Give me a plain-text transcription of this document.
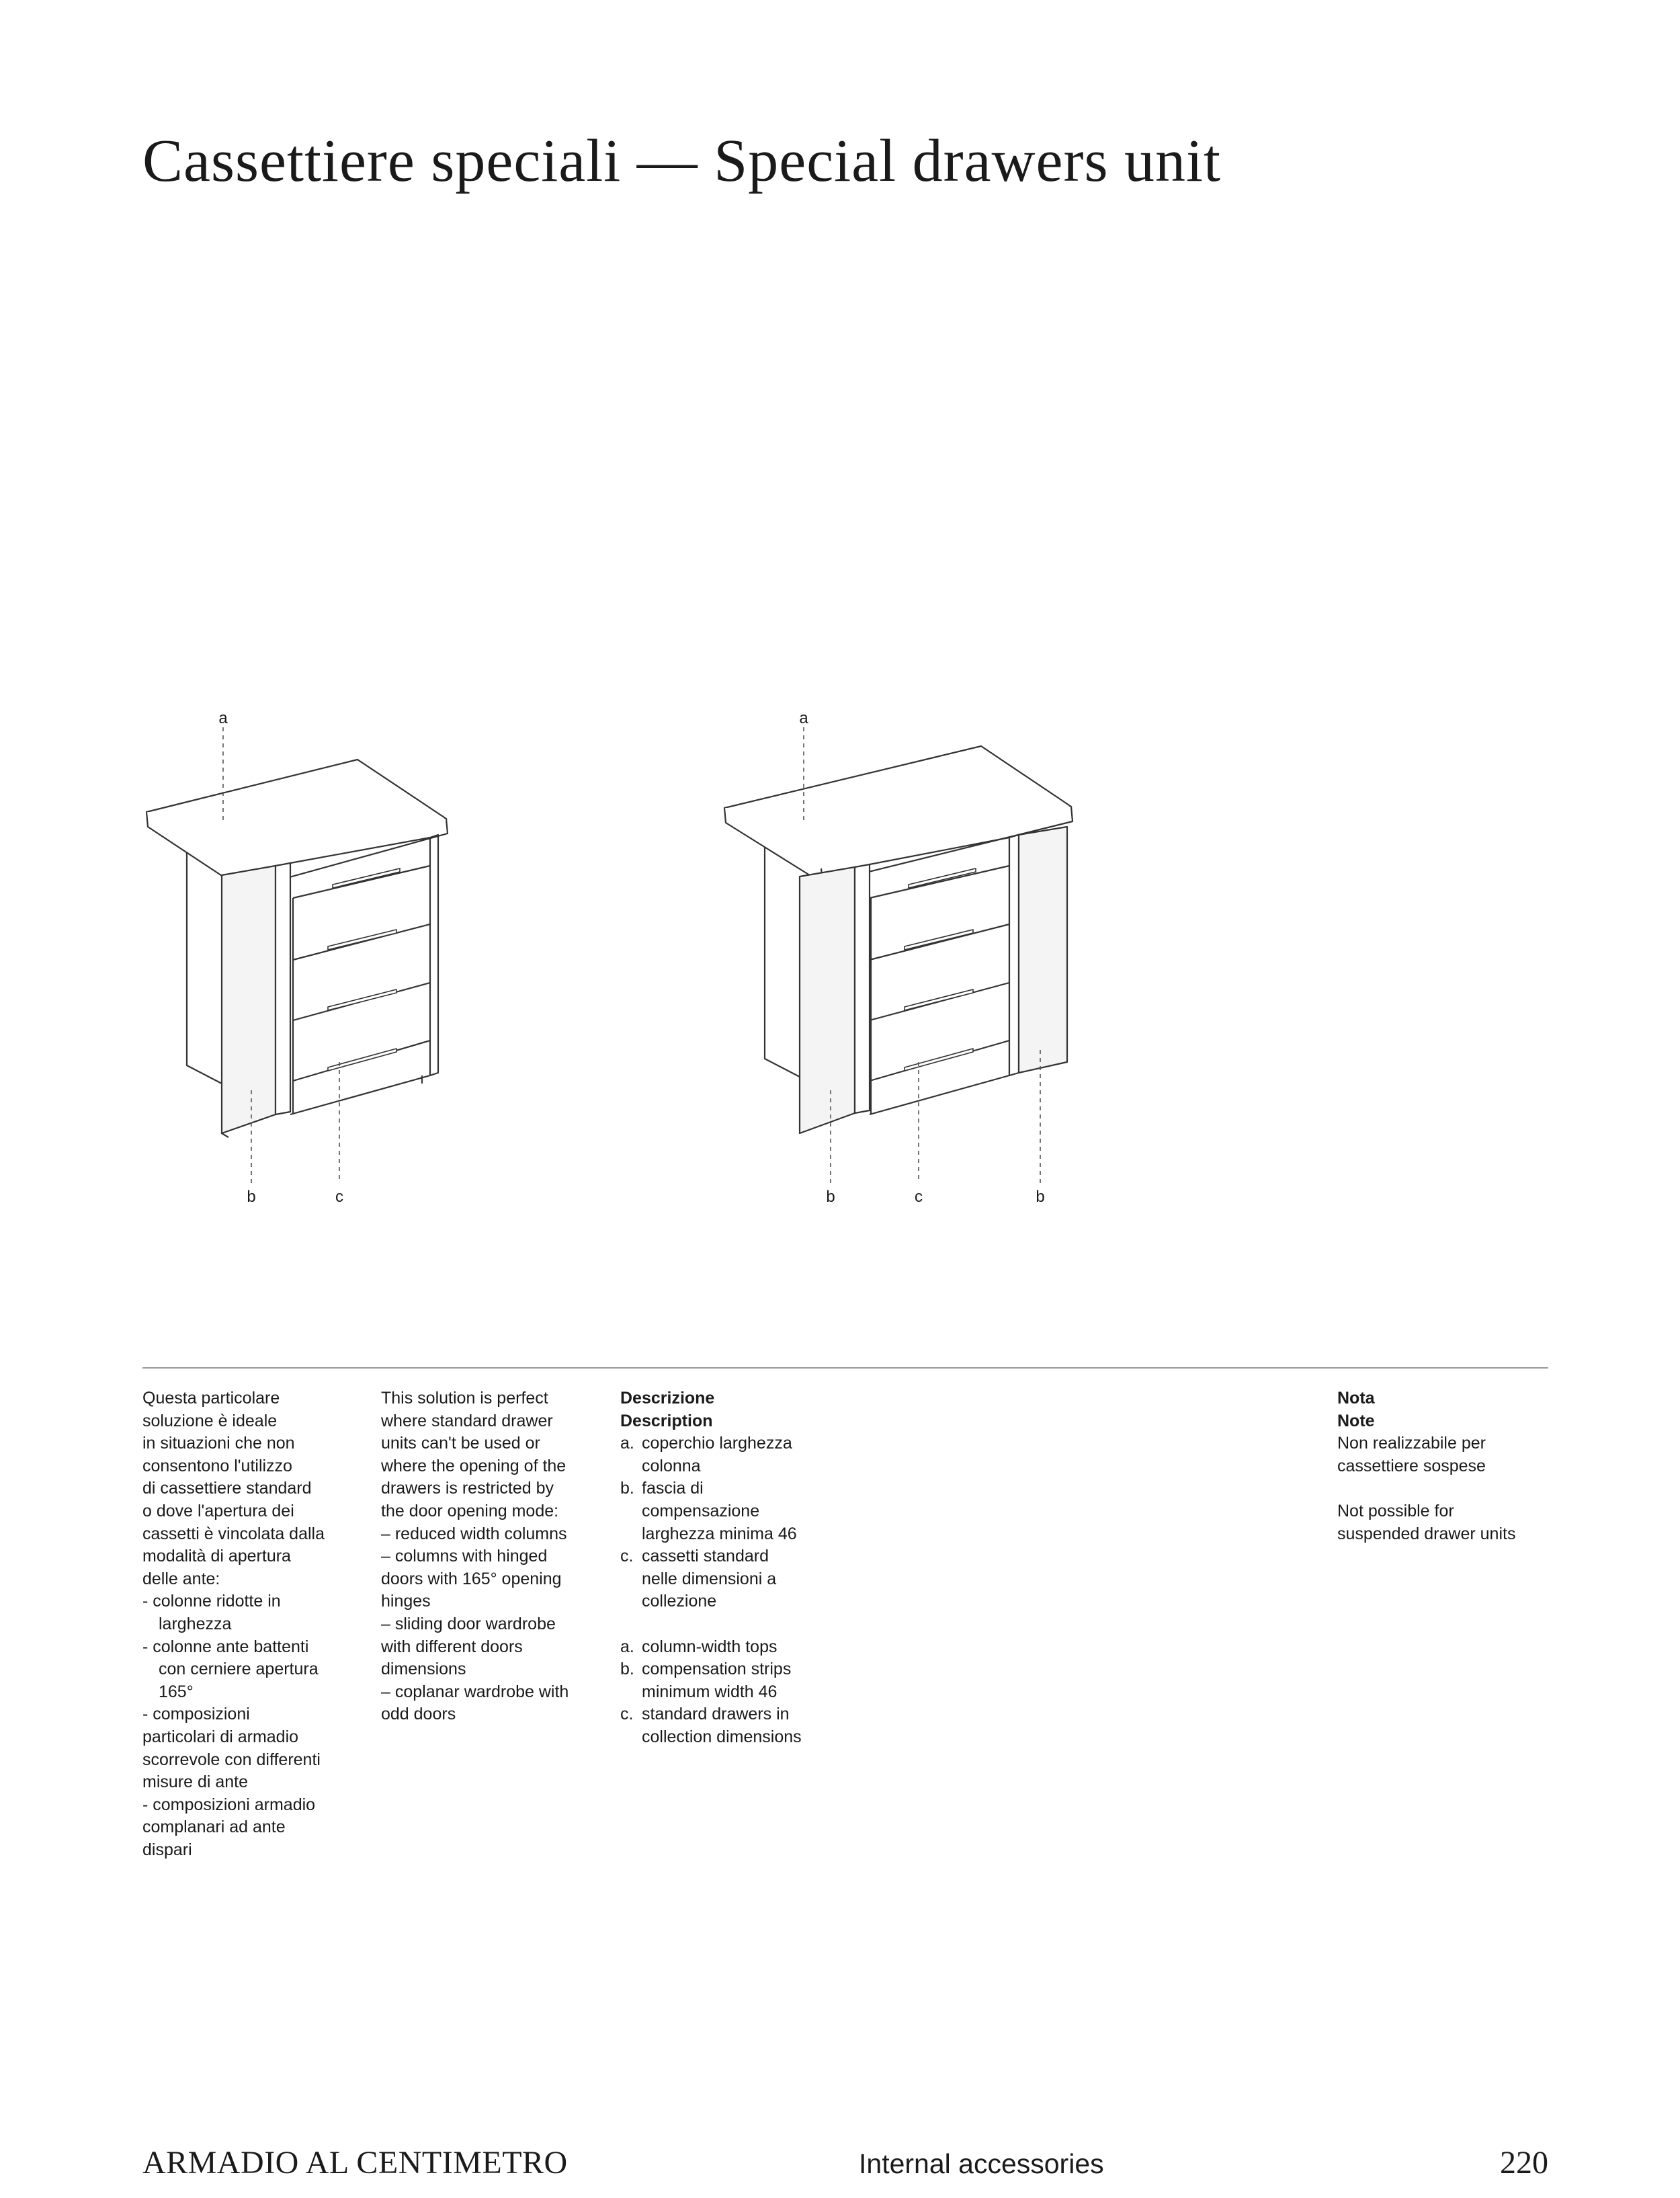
Cassettiere speciali — Special drawers unit
a
b	c
a
b	c	b

Questa particolare
soluzione è ideale
in situazioni che non
consentono l'utilizzo
di cassettiere standard
o dove l'apertura dei
cassetti è vincolata dalla
modalità di apertura
delle ante:

- colonne ridotte in

larghezza

- colonne ante battenti

con cerniere apertura
165°

- composizioni

particolari di armadio
scorrevole con differenti
misure di ante

- composizioni armadio

complanari ad ante
dispari

This solution is perfect
where standard drawer
units can't be used or
where the opening of the
drawers is restricted by
the door opening mode:

– reduced width columns

– columns with hinged
doors with 165° opening
hinges

– sliding door wardrobe
with different doors
dimensions

– coplanar wardrobe with
odd doors

Descrizione

Description

a. coperchio larghezza
colonna

b. fascia di
compensazione
larghezza minima 46

c. cassetti standard
nelle dimensioni a
collezione

a. column-width tops

b. compensation strips
minimum width 46

c. standard drawers in
collection dimensions

Nota

Note

Non realizzabile per
cassettiere sospese

Not possible for
suspended drawer units

ARMADIO AL CENTIMETRO	Internal accessories	220
